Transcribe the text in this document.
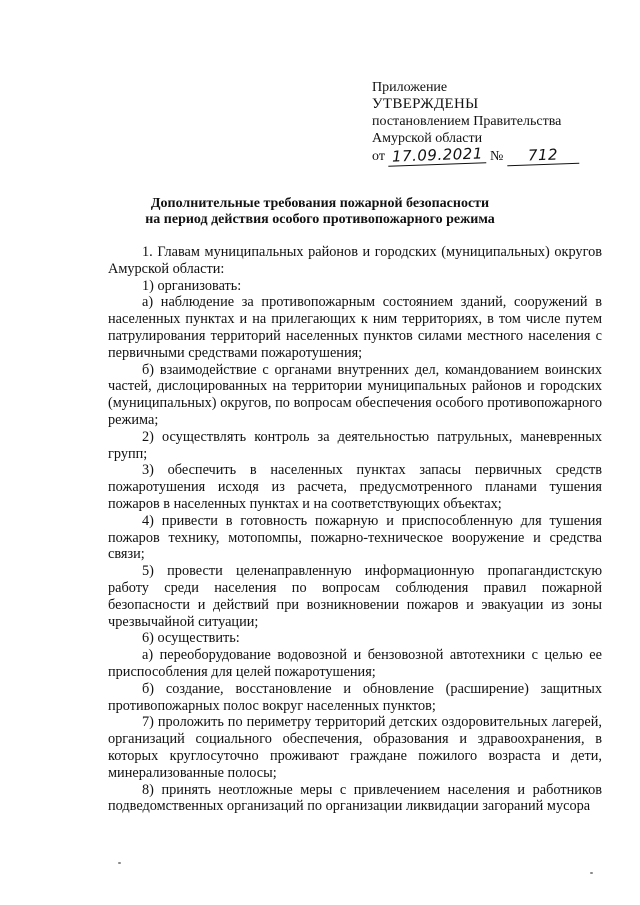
Приложение
УТВЕРЖДЕНЫ
постановлением Правительства
Амурской области
от 17.09.2021 № 712
Дополнительные требования пожарной безопасности
на период действия особого противопожарного режима

1. Главам муниципальных районов и городских (муниципальных) округов Амурской области:

1) организовать:

а) наблюдение за противопожарным состоянием зданий, сооружений в населенных пунктах и на прилегающих к ним территориях, в том числе путем патрулирования территорий населенных пунктов силами местного населения с первичными средствами пожаротушения;

б) взаимодействие с органами внутренних дел, командованием воинских частей, дислоцированных на территории муниципальных районов и городских (муниципальных) округов, по вопросам обеспечения особого противопожарного режима;

2) осуществлять контроль за деятельностью патрульных, маневренных групп;

3) обеспечить в населенных пунктах запасы первичных средств пожаротушения исходя из расчета, предусмотренного планами тушения пожаров в населенных пунктах и на соответствующих объектах;

4) привести в готовность пожарную и приспособленную для тушения пожаров технику, мотопомпы, пожарно-техническое вооружение и средства связи;

5) провести целенаправленную информационную пропагандистскую работу среди населения по вопросам соблюдения правил пожарной безопасности и действий при возникновении пожаров и эвакуации из зоны чрезвычайной ситуации;

6) осуществить:

а) переоборудование водовозной и бензовозной автотехники с целью ее приспособления для целей пожаротушения;

б) создание, восстановление и обновление (расширение) защитных противопожарных полос вокруг населенных пунктов;

7) проложить по периметру территорий детских оздоровительных лагерей, организаций социального обеспечения, образования и здравоохранения, в которых круглосуточно проживают граждане пожилого возраста и дети, минерализованные полосы;

8) принять неотложные меры с привлечением населения и работников подведомственных организаций по организации ликвидации загораний мусора
